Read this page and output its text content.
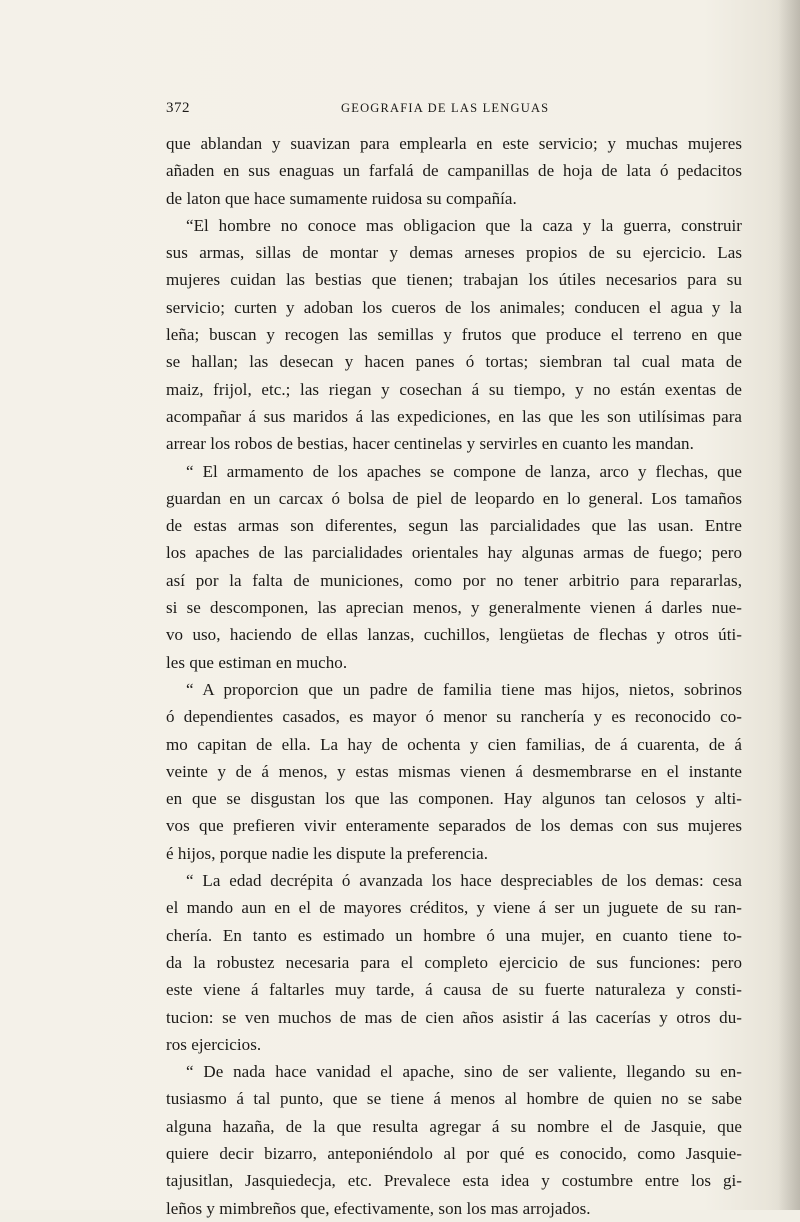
372	GEOGRAFIA DE LAS LENGUAS

que ablandan y suavizan para emplearla en este servicio; y muchas mujeres
añaden en sus enaguas un farfalá de campanillas de hoja de lata ó pedacitos
de laton que hace sumamente ruidosa su compañía.
“El hombre no conoce mas obligacion que la caza y la guerra, construir
sus armas, sillas de montar y demas arneses propios de su ejercicio. Las
mujeres cuidan las bestias que tienen; trabajan los útiles necesarios para su
servicio; curten y adoban los cueros de los animales; conducen el agua y la
leña; buscan y recogen las semillas y frutos que produce el terreno en que
se hallan; las desecan y hacen panes ó tortas; siembran tal cual mata de
maiz, frijol, etc.; las riegan y cosechan á su tiempo, y no están exentas de
acompañar á sus maridos á las expediciones, en las que les son utilísimas para
arrear los robos de bestias, hacer centinelas y servirles en cuanto les mandan.
“ El armamento de los apaches se compone de lanza, arco y flechas, que
guardan en un carcax ó bolsa de piel de leopardo en lo general. Los tamaños
de estas armas son diferentes, segun las parcialidades que las usan. Entre
los apaches de las parcialidades orientales hay algunas armas de fuego; pero
así por la falta de municiones, como por no tener arbitrio para repararlas,
si se descomponen, las aprecian menos, y generalmente vienen á darles nue-
vo uso, haciendo de ellas lanzas, cuchillos, lengüetas de flechas y otros úti-
les que estiman en mucho.
“ A proporcion que un padre de familia tiene mas hijos, nietos, sobrinos
ó dependientes casados, es mayor ó menor su ranchería y es reconocido co-
mo capitan de ella. La hay de ochenta y cien familias, de á cuarenta, de á
veinte y de á menos, y estas mismas vienen á desmembrarse en el instante
en que se disgustan los que las componen. Hay algunos tan celosos y alti-
vos que prefieren vivir enteramente separados de los demas con sus mujeres
é hijos, porque nadie les dispute la preferencia.
“ La edad decrépita ó avanzada los hace despreciables de los demas: cesa
el mando aun en el de mayores créditos, y viene á ser un juguete de su ran-
chería. En tanto es estimado un hombre ó una mujer, en cuanto tiene to-
da la robustez necesaria para el completo ejercicio de sus funciones: pero
este viene á faltarles muy tarde, á causa de su fuerte naturaleza y consti-
tucion: se ven muchos de mas de cien años asistir á las cacerías y otros du-
ros ejercicios.
“ De nada hace vanidad el apache, sino de ser valiente, llegando su en-
tusiasmo á tal punto, que se tiene á menos al hombre de quien no se sabe
alguna hazaña, de la que resulta agregar á su nombre el de Jasquie, que
quiere decir bizarro, anteponiéndolo al por qué es conocido, como Jasquie-
tajusitlan, Jasquiedecja, etc. Prevalece esta idea y costumbre entre los gi-
leños y mimbreños que, efectivamente, son los mas arrojados.
